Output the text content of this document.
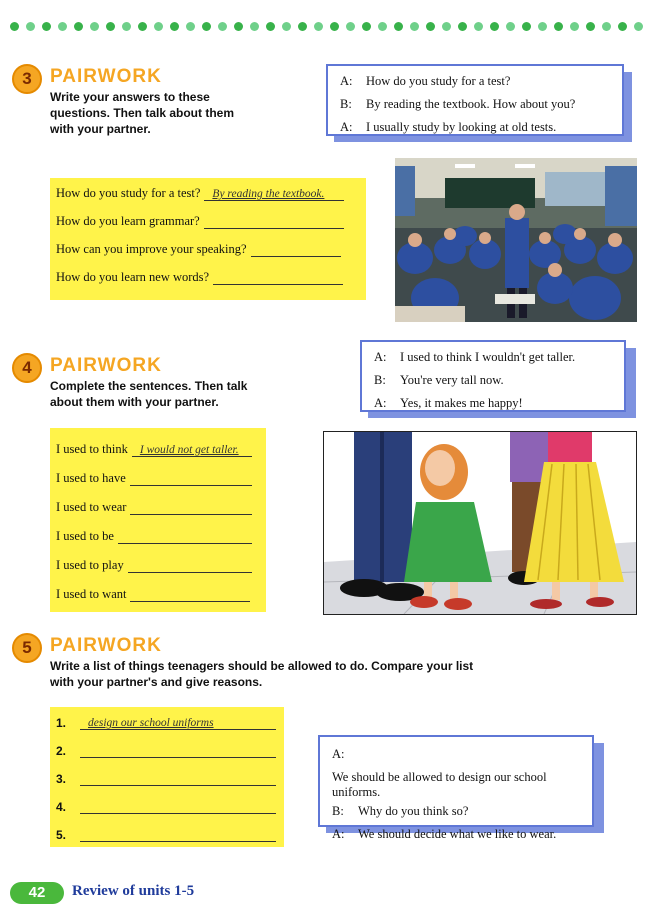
3 PAIRWORK
Write your answers to these
questions. Then talk about them
with your partner.
A: How do you study for a test?
B: By reading the textbook. How about you?
A: I usually study by looking at old tests.
How do you study for a test?	By reading the textbook.
How do you learn grammar?
How can you improve your speaking?
How do you learn new words?
4 PAIRWORK
Complete the sentences. Then talk
about them with your partner.
A: I used to think I wouldn't get taller.
B: You're very tall now.
A: Yes, it makes me happy!
I used to think	I would not get taller.
I used to have
I used to wear
I used to be
I used to play
I used to want
5 PAIRWORK
Write a list of things teenagers should be allowed to do. Compare your list
with your partner's and give reasons.
1.	design our school uniforms
2.
3.
4.
5.
A:We should be allowed to design our school uniforms.
B: Why do you think so?
A: We should decide what we like to wear.
42	Review of units 1-5
